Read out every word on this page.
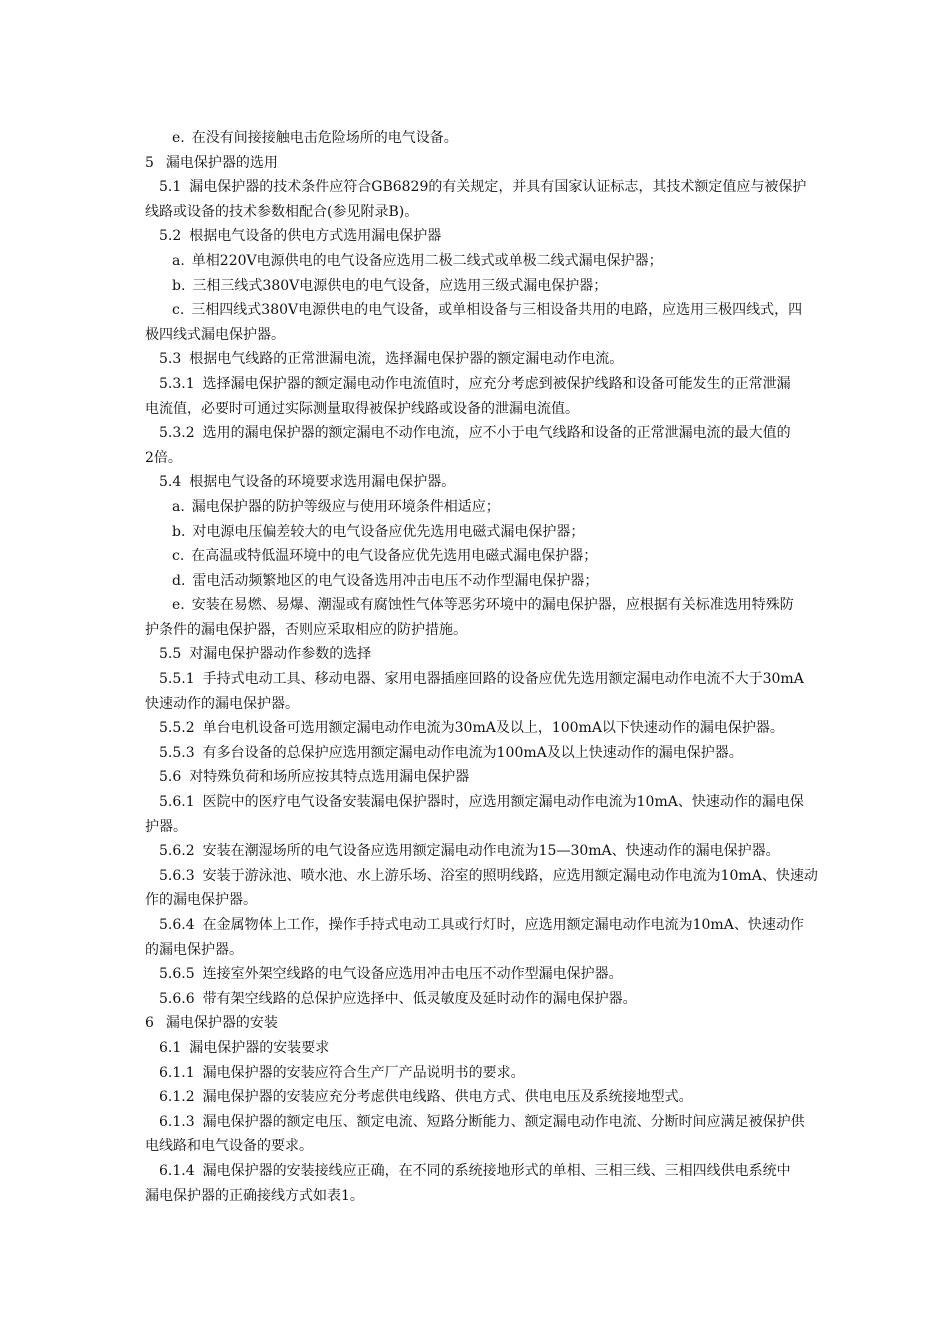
e. 在没有间接接触电击危险场所的电气设备。
5 漏电保护器的选用
5.1 漏电保护器的技术条件应符合GB6829的有关规定，并具有国家认证标志，其技术额定值应与被保护
线路或设备的技术参数相配合(参见附录B)。
5.2 根据电气设备的供电方式选用漏电保护器
a. 单相220V电源供电的电气设备应选用二极二线式或单极二线式漏电保护器；
b. 三相三线式380V电源供电的电气设备，应选用三级式漏电保护器；
c. 三相四线式380V电源供电的电气设备，或单相设备与三相设备共用的电路，应选用三极四线式，四
极四线式漏电保护器。
5.3 根据电气线路的正常泄漏电流，选择漏电保护器的额定漏电动作电流。
5.3.1 选择漏电保护器的额定漏电动作电流值时，应充分考虑到被保护线路和设备可能发生的正常泄漏
电流值，必要时可通过实际测量取得被保护线路或设备的泄漏电流值。
5.3.2 选用的漏电保护器的额定漏电不动作电流，应不小于电气线路和设备的正常泄漏电流的最大值的
2倍。
5.4 根据电气设备的环境要求选用漏电保护器。
a. 漏电保护器的防护等级应与使用环境条件相适应；
b. 对电源电压偏差较大的电气设备应优先选用电磁式漏电保护器；
c. 在高温或特低温环境中的电气设备应优先选用电磁式漏电保护器；
d. 雷电活动频繁地区的电气设备选用冲击电压不动作型漏电保护器；
e. 安装在易燃、易爆、潮湿或有腐蚀性气体等恶劣环境中的漏电保护器，应根据有关标准选用特殊防
护条件的漏电保护器，否则应采取相应的防护措施。
5.5 对漏电保护器动作参数的选择
5.5.1 手持式电动工具、移动电器、家用电器插座回路的设备应优先选用额定漏电动作电流不大于30mA
快速动作的漏电保护器。
5.5.2 单台电机设备可选用额定漏电动作电流为30mA及以上，100mA以下快速动作的漏电保护器。
5.5.3 有多台设备的总保护应选用额定漏电动作电流为100mA及以上快速动作的漏电保护器。
5.6 对特殊负荷和场所应按其特点选用漏电保护器
5.6.1 医院中的医疗电气设备安装漏电保护器时，应选用额定漏电动作电流为10mA、快速动作的漏电保
护器。
5.6.2 安装在潮湿场所的电气设备应选用额定漏电动作电流为15—30mA、快速动作的漏电保护器。
5.6.3 安装于游泳池、喷水池、水上游乐场、浴室的照明线路，应选用额定漏电动作电流为10mA、快速动
作的漏电保护器。
5.6.4 在金属物体上工作，操作手持式电动工具或行灯时，应选用额定漏电动作电流为10mA、快速动作
的漏电保护器。
5.6.5 连接室外架空线路的电气设备应选用冲击电压不动作型漏电保护器。
5.6.6 带有架空线路的总保护应选择中、低灵敏度及延时动作的漏电保护器。
6 漏电保护器的安装
6.1 漏电保护器的安装要求
6.1.1 漏电保护器的安装应符合生产厂产品说明书的要求。
6.1.2 漏电保护器的安装应充分考虑供电线路、供电方式、供电电压及系统接地型式。
6.1.3 漏电保护器的额定电压、额定电流、短路分断能力、额定漏电动作电流、分断时间应满足被保护供
电线路和电气设备的要求。
6.1.4 漏电保护器的安装接线应正确，在不同的系统接地形式的单相、三相三线、三相四线供电系统中
漏电保护器的正确接线方式如表1。
